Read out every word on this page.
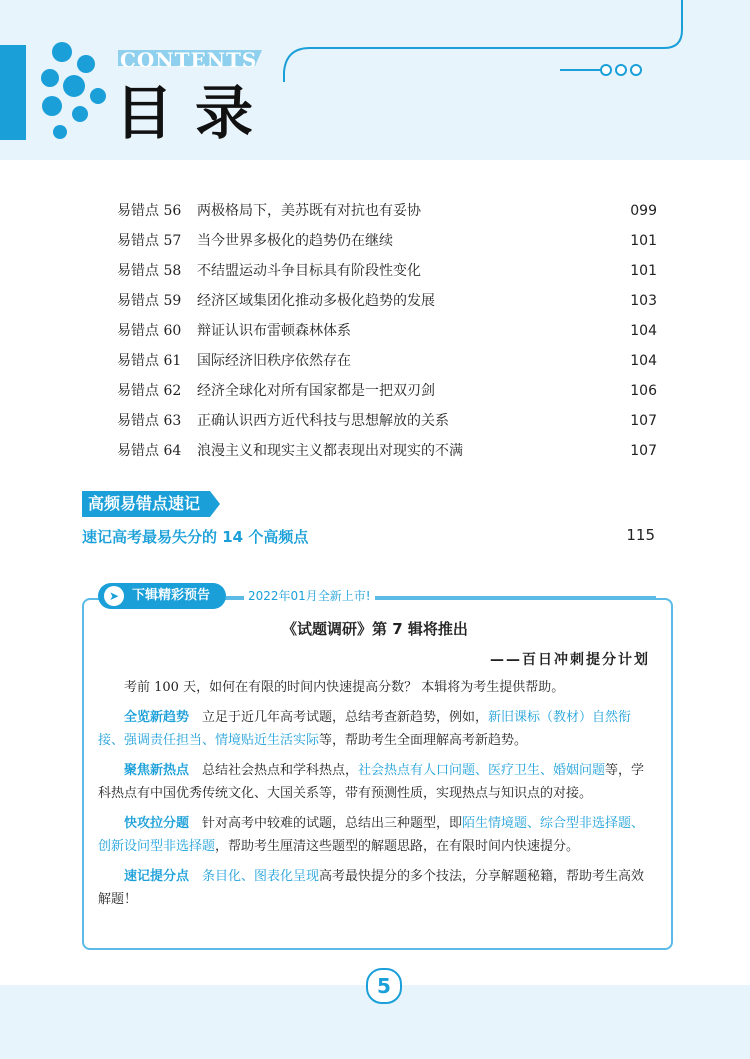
CONTENTS
目录
易错点 56	两极格局下，美苏既有对抗也有妥协	099
易错点 57	当今世界多极化的趋势仍在继续	101
易错点 58	不结盟运动斗争目标具有阶段性变化	101
易错点 59	经济区域集团化推动多极化趋势的发展	103
易错点 60	辩证认识布雷顿森林体系	104
易错点 61	国际经济旧秩序依然存在	104
易错点 62	经济全球化对所有国家都是一把双刃剑	106
易错点 63	正确认识西方近代科技与思想解放的关系	107
易错点 64	浪漫主义和现实主义都表现出对现实的不满	107
高频易错点速记
速记高考最易失分的 14 个高频点	115
➤ 下辑精彩预告	2022年01月全新上市!
《试题调研》第 7 辑将推出
——百日冲刺提分计划

考前 100 天，如何在有限的时间内快速提高分数？ 本辑将为考生提供帮助。

全览新趋势　立足于近几年高考试题，总结考查新趋势，例如，新旧课标（教材）自然衔接、强调责任担当、情境贴近生活实际等，帮助考生全面理解高考新趋势。

聚焦新热点　总结社会热点和学科热点，社会热点有人口问题、医疗卫生、婚姻问题等，学科热点有中国优秀传统文化、大国关系等，带有预测性质，实现热点与知识点的对接。

快攻拉分题　针对高考中较难的试题，总结出三种题型，即陌生情境题、综合型非选择题、创新设问型非选择题，帮助考生厘清这些题型的解题思路，在有限时间内快速提分。

速记提分点　 条目化、图表化呈现高考最快提分的多个技法，分享解题秘籍，帮助考生高效解题！

5
